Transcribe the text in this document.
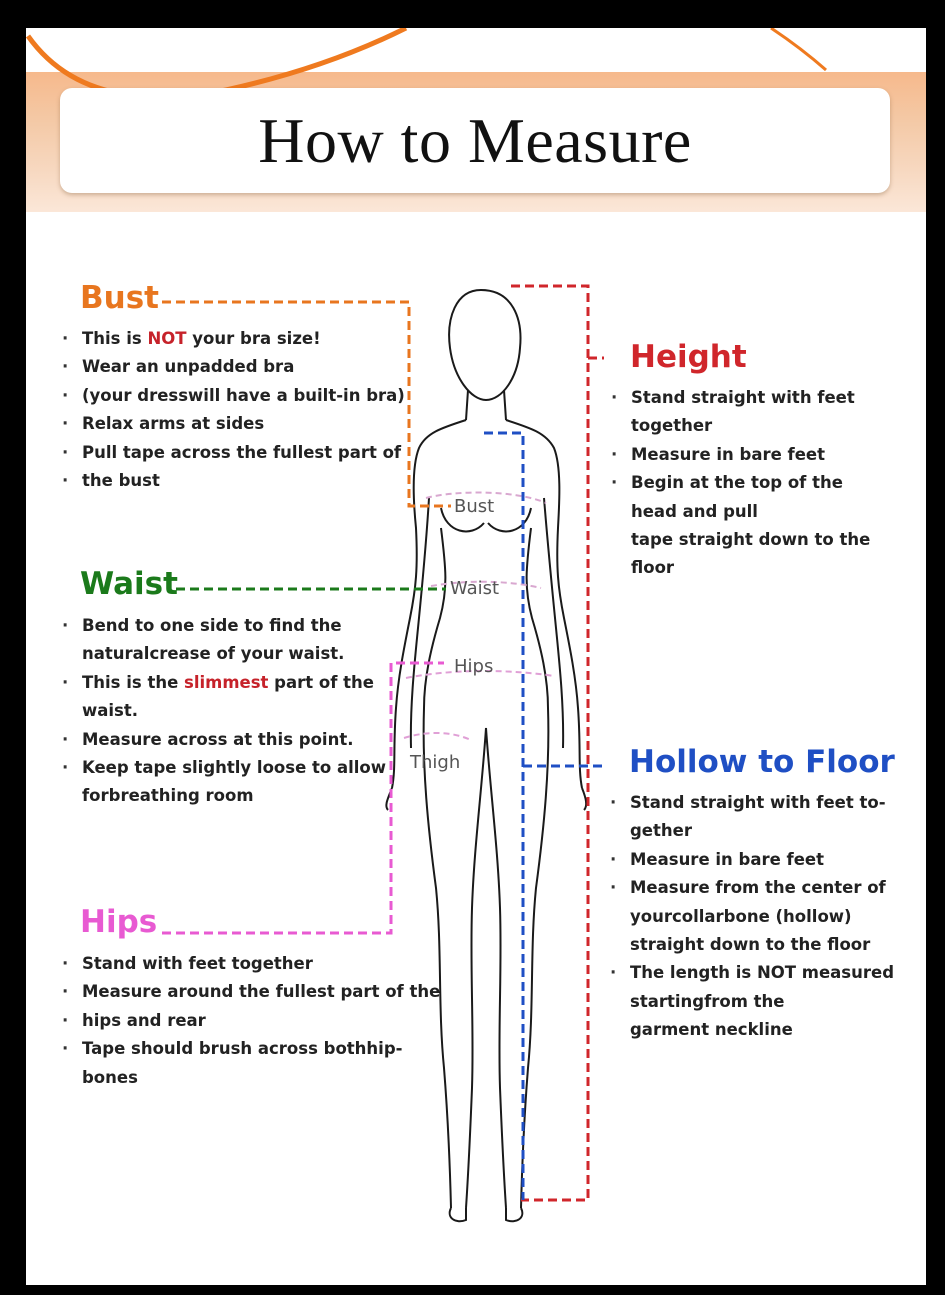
How to Measure
Bust
Waist
Hips
Thigh
Bust
· This is NOT your bra size!
· Wear an unpadded bra
· (your dresswill have a built-in bra)
· Relax arms at sides
· Pull tape across the fullest part of
· the bust
Waist
· Bend to one side to find the
naturalcrease of your waist.
· This is the slimmest part of the
waist.
· Measure across at this point.
· Keep tape slightly loose to allow
forbreathing room
Hips
· Stand with feet together
· Measure around the fullest part of the
· hips and rear
· Tape should brush across bothhip-
bones
Height
· Stand straight with feet
together
· Measure in bare feet
· Begin at the top of the
head and pull
tape straight down to the
floor
Hollow to Floor
· Stand straight with feet to-
gether
· Measure in bare feet
· Measure from the center of
yourcollarbone (hollow)
straight down to the floor
· The length is NOT measured
startingfrom the
garment neckline
